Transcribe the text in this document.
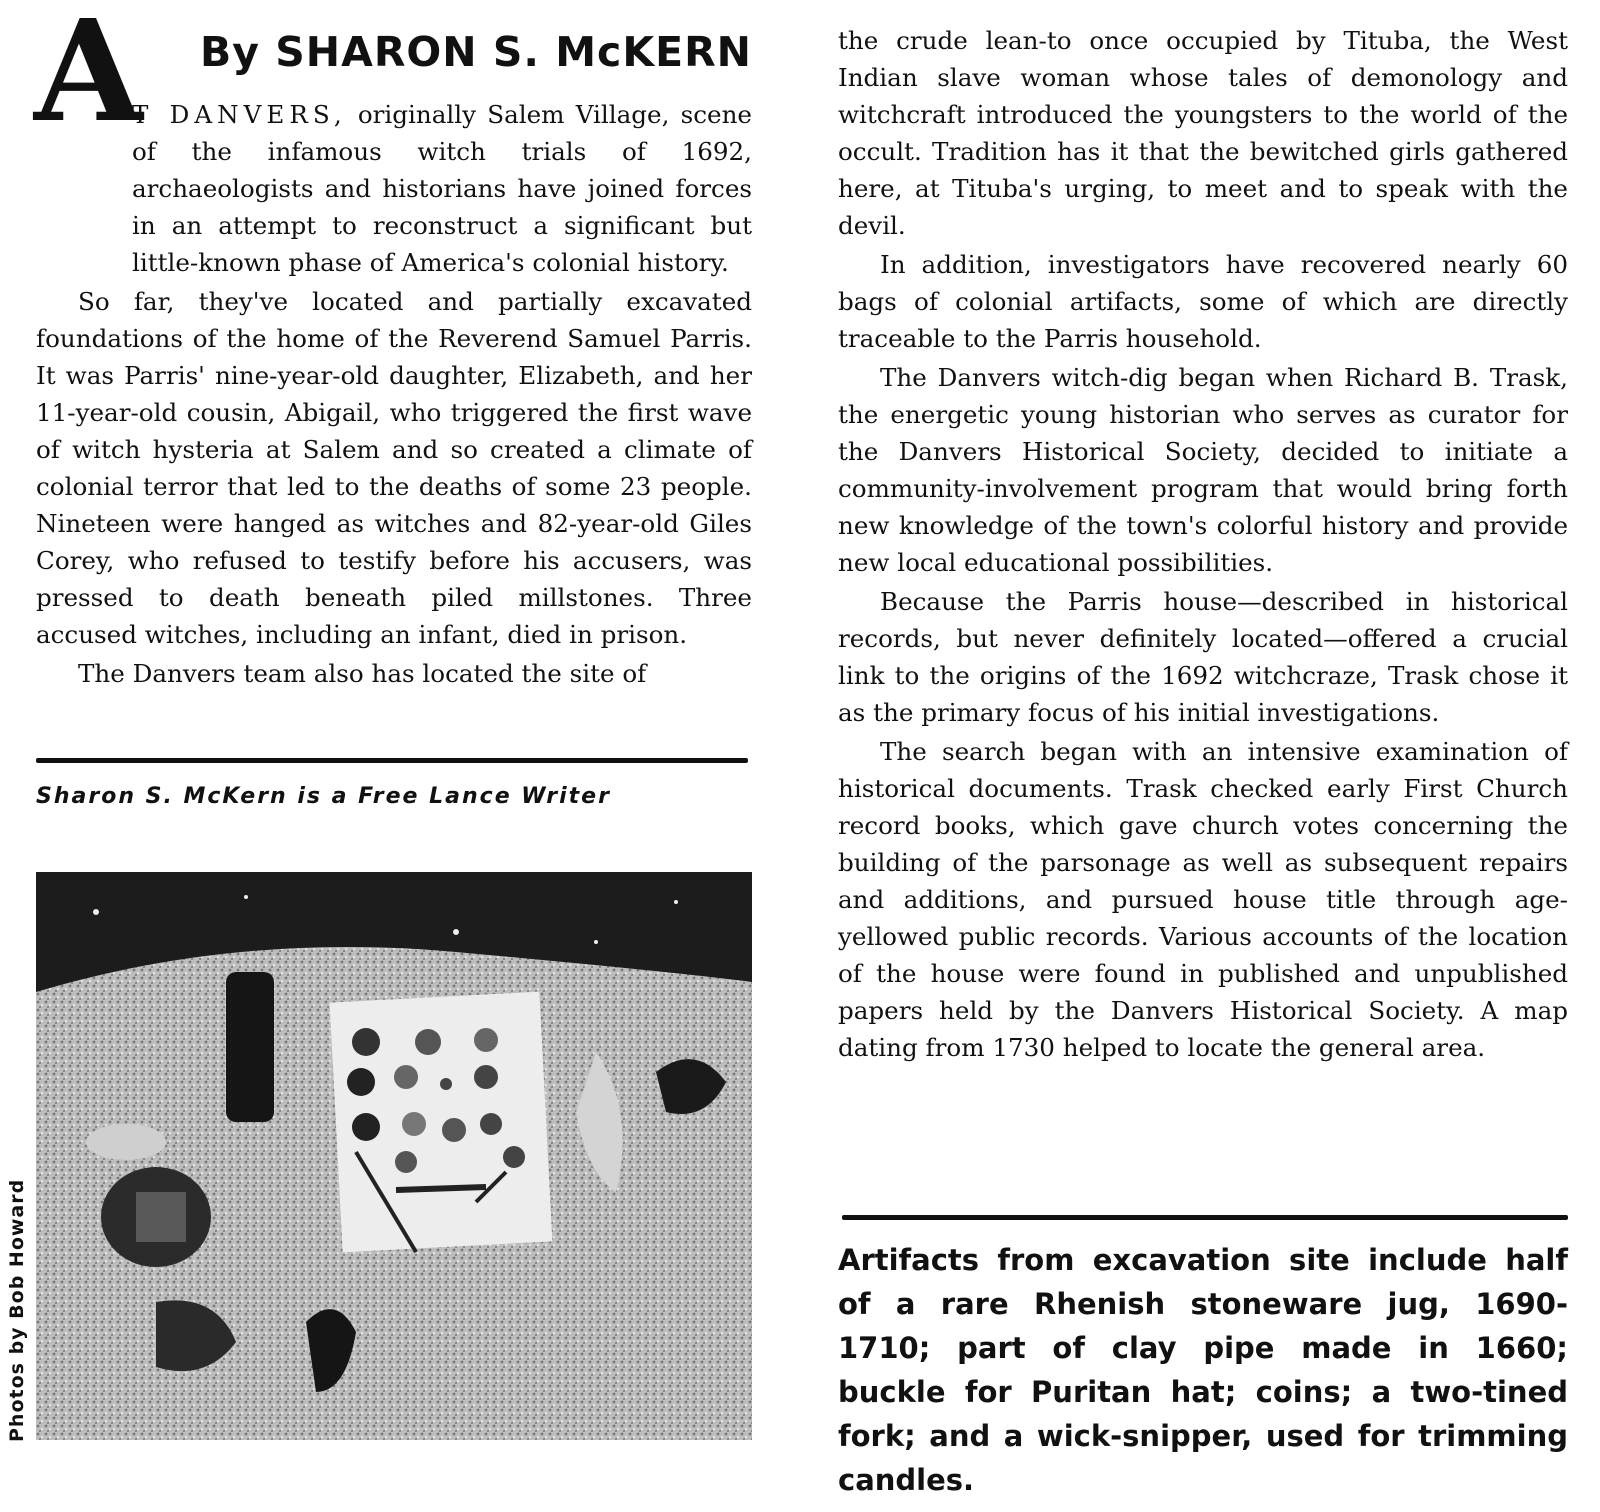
A By SHARON S. McKERN

T DANVERS, originally Salem Village, scene of the infamous witch trials of 1692, archaeologists and historians have joined forces in an attempt to reconstruct a significant but little-known phase of America's colonial history.

So far, they've located and partially excavated foundations of the home of the Reverend Samuel Parris. It was Parris' nine-year-old daughter, Elizabeth, and her 11-year-old cousin, Abigail, who triggered the first wave of witch hysteria at Salem and so created a climate of colonial terror that led to the deaths of some 23 people. Nineteen were hanged as witches and 82-year-old Giles Corey, who refused to testify before his accusers, was pressed to death beneath piled millstones. Three accused witches, including an infant, died in prison.

The Danvers team also has located the site of

Sharon S. McKern is a Free Lance Writer
Photos by Bob Howard

the crude lean-to once occupied by Tituba, the West Indian slave woman whose tales of demonology and witchcraft introduced the youngsters to the world of the occult. Tradition has it that the bewitched girls gathered here, at Tituba's urging, to meet and to speak with the devil.

In addition, investigators have recovered nearly 60 bags of colonial artifacts, some of which are directly traceable to the Parris household.

The Danvers witch-dig began when Richard B. Trask, the energetic young historian who serves as curator for the Danvers Historical Society, decided to initiate a community-involvement program that would bring forth new knowledge of the town's colorful history and provide new local educational possibilities.

Because the Parris house—described in historical records, but never definitely located—offered a crucial link to the origins of the 1692 witchcraze, Trask chose it as the primary focus of his initial investigations.

The search began with an intensive examination of historical documents. Trask checked early First Church record books, which gave church votes concerning the building of the parsonage as well as subsequent repairs and additions, and pursued house title through age-yellowed public records. Various accounts of the location of the house were found in published and unpublished papers held by the Danvers Historical Society. A map dating from 1730 helped to locate the general area.

Artifacts from excavation site include half of a rare Rhenish stoneware jug, 1690-1710; part of clay pipe made in 1660; buckle for Puritan hat; coins; a two-tined fork; and a wick-snipper, used for trimming candles.
